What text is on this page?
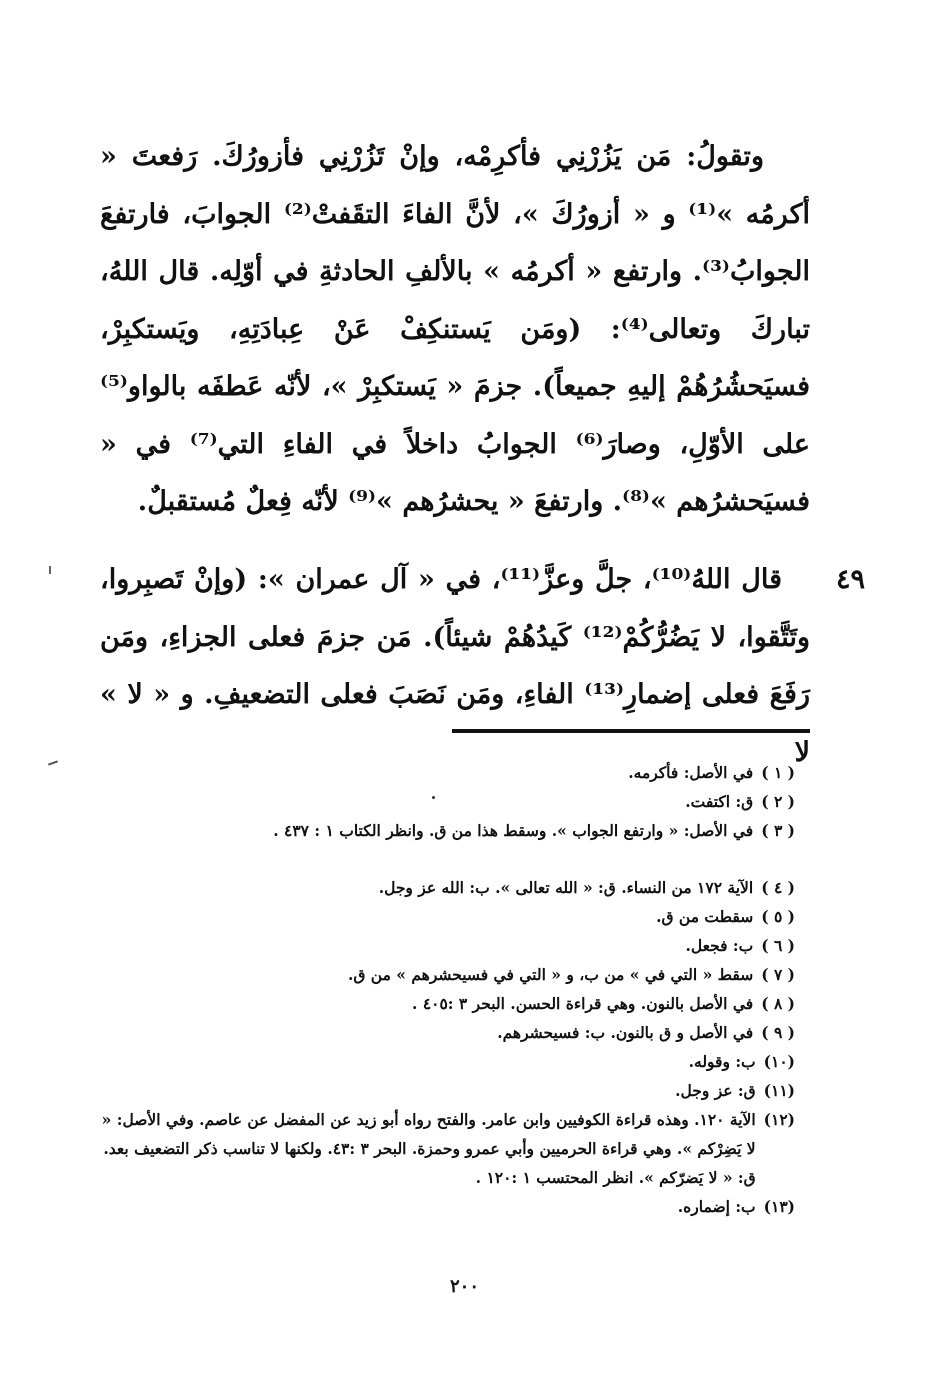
وتقولُ: مَن يَزُرْنِي فأكرِمْه، وإنْ تَزُرْنِي فأزورُكَ. رَفعتَ « أكرمُه »⁽¹⁾ و « أزورُكَ »، لأنَّ الفاءَ التقَفتْ⁽²⁾ الجوابَ، فارتفعَ الجوابُ⁽³⁾. وارتفع « أكرمُه » بالألفِ الحادثةِ في أوّلِه. قال اللهُ، تباركَ وتعالى⁽⁴⁾: (ومَن يَستنكِفْ عَنْ عِبادَتِهِ، ويَستكبِرْ، فسيَحشُرُهُمْ إليهِ جميعاً). جزمَ « يَستكبِرْ »، لأنّه عَطفَه بالواو⁽⁵⁾ على الأوّلِ، وصارَ⁽⁶⁾ الجوابُ داخلاً في الفاءِ التي⁽⁷⁾ في « فسيَحشرُهم »⁽⁸⁾. وارتفعَ « يحشرُهم »⁽⁹⁾ لأنّه فِعلٌ مُستقبلٌ.

٤٩

قال اللهُ⁽¹⁰⁾، جلَّ وعزَّ⁽¹¹⁾، في « آل عمران »: (وإنْ تَصبِروا، وتَتَّقوا، لا يَضُرُّكُمْ⁽¹²⁾ كَيدُهُمْ شيئاً). مَن جزمَ فعلى الجزاءِ، ومَن رَفَعَ فعلى إضمارِ⁽¹³⁾ الفاءِ، ومَن نَصَبَ فعلى التضعيفِ. و « لا » لا

( ١ )
في الأصل: فأكرمه.
( ٢ )
ق: اكتفت.
( ٣ )
في الأصل: « وارتفع الجواب ». وسقط هذا من ق. وانظر الكتاب ١ : ٤٣٧ .
( ٤ )
الآية ١٧٢ من النساء. ق: « الله تعالى ». ب: الله عز وجل.
( ٥ )
سقطت من ق.
( ٦ )
ب: فجعل.
( ٧ )
سقط « التي في » من ب، و « التي في فسيحشرهم » من ق.
( ٨ )
في الأصل بالنون. وهي قراءة الحسن. البحر ٣ :٤٠٥ .
( ٩ )
في الأصل و ق بالنون. ب: فسيحشرهم.
(١٠)
ب: وقوله.
(١١)
ق: عز وجل.
(١٢)
الآية ١٢٠. وهذه قراءة الكوفيين وابن عامر. والفتح رواه أبو زيد عن المفضل عن عاصم. وفي الأصل: « لا يَضِرْكم ». وهي قراءة الحرميين وأبي عمرو وحمزة. البحر ٣ :٤٣. ولكنها لا تناسب ذكر التضعيف بعد. ق: « لا يَضرّكم ». انظر المحتسب ١ :١٢٠ .
(١٣)
ب: إضماره.
٢٠٠
